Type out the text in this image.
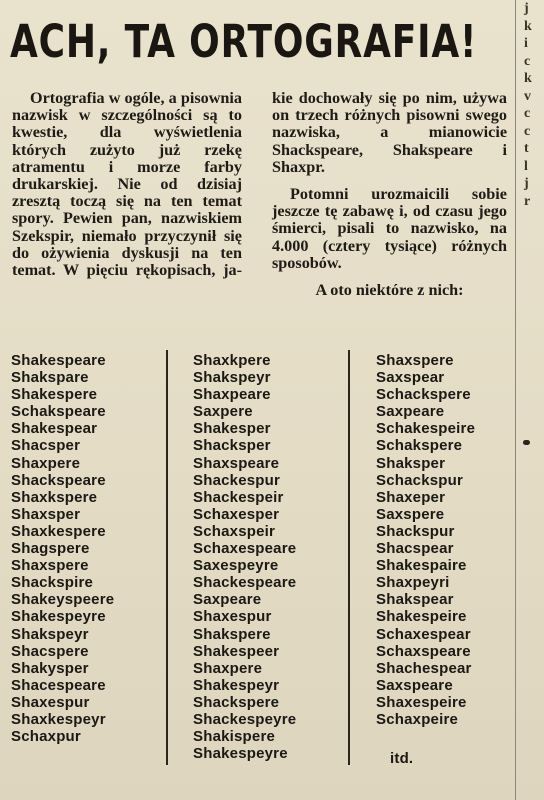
ACH, TA ORTOGRAFIA!

Ortografia w ogóle, a pisownia nazwisk w szczególności są to kwestie, dla wyświetlenia których zużyto już rzekę atramentu i morze farby drukarskiej. Nie od dzisiaj zresztą toczą się na ten temat spory. Pewien pan, nazwiskiem Szekspir, niemało przyczynił się do ożywienia dyskusji na ten temat. W pięciu rękopisach, ja-

kie dochowały się po nim, używa on trzech różnych pisowni swego nazwiska, a mianowicie Shackspeare, Shakspeare i Shaxpr.

Potomni urozmaicili sobie jeszcze tę zabawę i, od czasu jego śmierci, pisali to nazwisko, na 4.000 (cztery tysiące) różnych sposobów.

A oto niektóre z nich:

Shakespeare
Shakspare
Shakespere
Schakspeare
Shakespear
Shacsper
Shaxpere
Shackspeare
Shaxkspere
Shaxsper
Shaxkespere
Shagspere
Shaxspere
Shackspire
Shakeyspeere
Shakespeyre
Shakspeyr
Shacspere
Shakysper
Shacespeare
Shaxespur
Shaxkespeyr
Schaxpur
Shaxkpere
Shakspeyr
Shaxpeare
Saxpere
Shakesper
Shacksper
Shaxspeare
Shackespur
Shackespeir
Schaxesper
Schaxspeir
Schaxespeare
Saxespeyre
Shackespeare
Saxpeare
Shaxespur
Shakspere
Shakespeer
Shaxpere
Shakespeyr
Shackspere
Shackespeyre
Shakispere
Shakespeyre
Shaxspere
Saxspear
Schackspere
Saxpeare
Schakespeire
Schakspere
Shaksper
Schackspur
Shaxeper
Saxspere
Shackspur
Shacspear
Shakespaire
Shaxpeyri
Shakspear
Shakespeire
Schaxespear
Schaxspeare
Shachespear
Saxspeare
Shaxespeire
Schaxpeire
itd.
j
k
i
c
k
v
c
c
t
l
j
r
